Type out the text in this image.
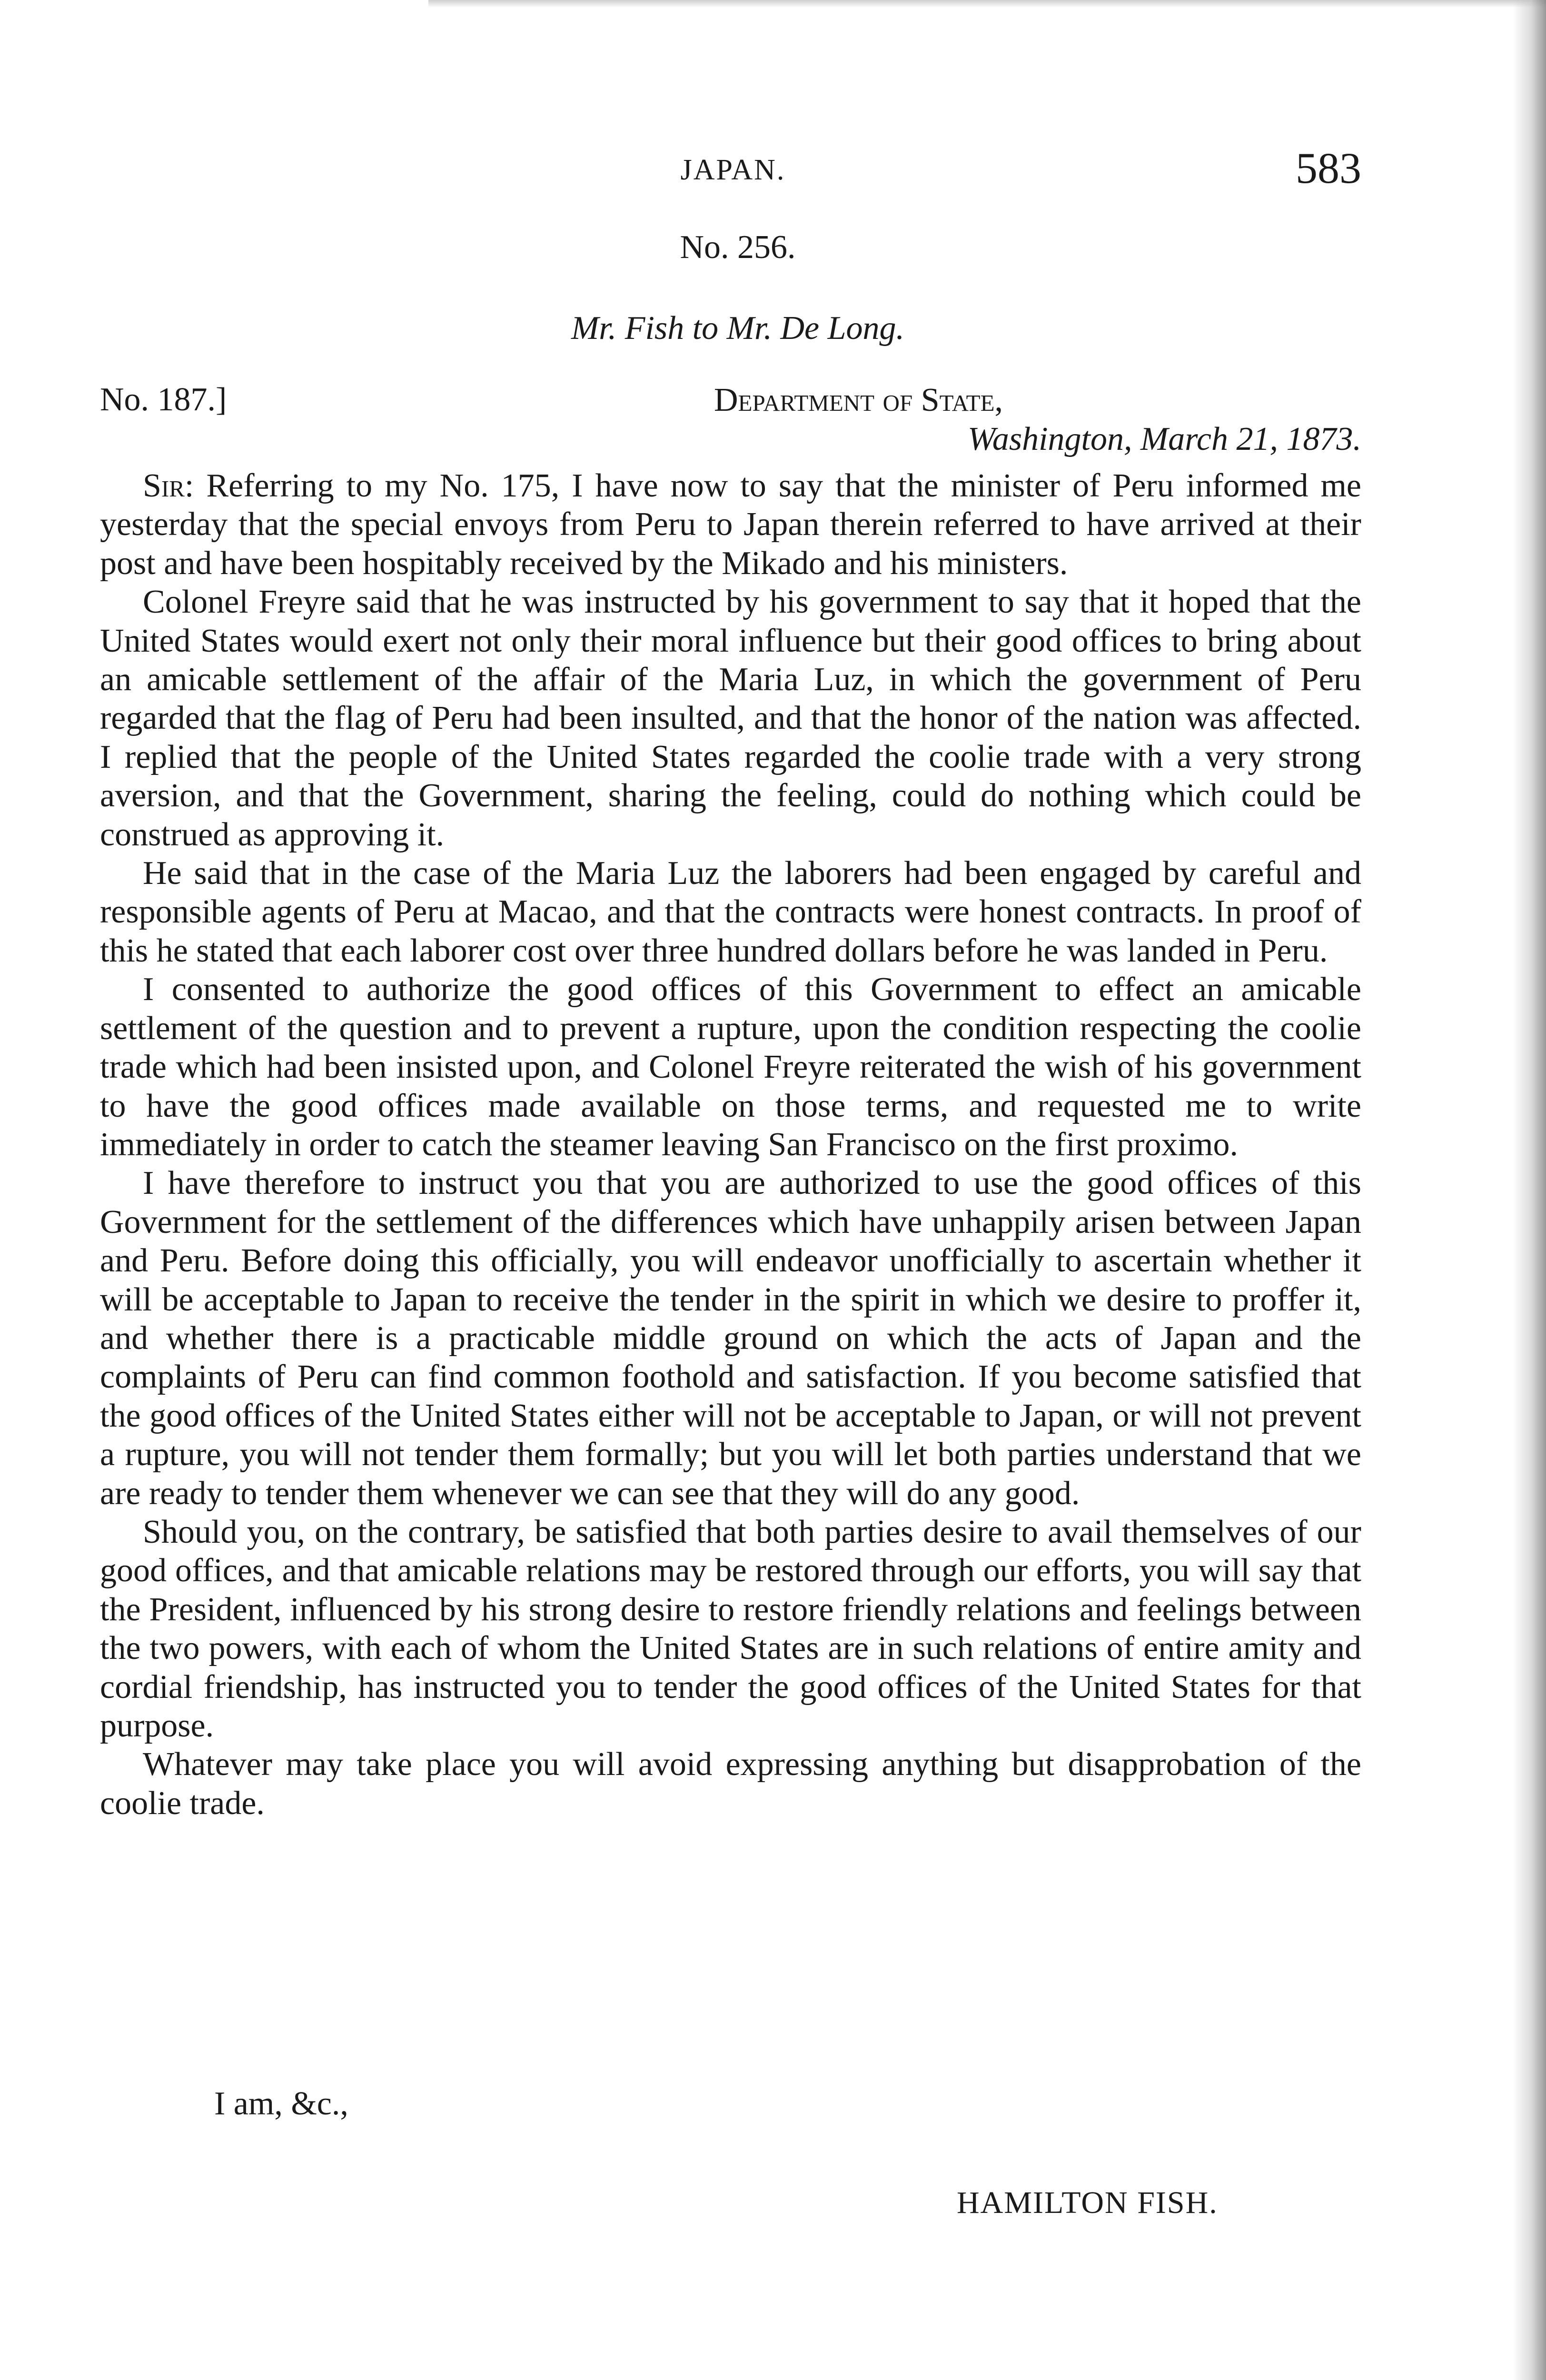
JAPAN.	583
No. 256.
Mr. Fish to Mr. De Long.
No. 187.]	Department of State,
Washington, March 21, 1873.

Sir: Referring to my No. 175, I have now to say that the minister of Peru informed me yesterday that the special envoys from Peru to Japan therein referred to have arrived at their post and have been hospitably received by the Mikado and his ministers.

Colonel Freyre said that he was instructed by his government to say that it hoped that the United States would exert not only their moral influence but their good offices to bring about an amicable settlement of the affair of the Maria Luz, in which the government of Peru regarded that the flag of Peru had been insulted, and that the honor of the nation was affected. I replied that the people of the United States regarded the coolie trade with a very strong aversion, and that the Government, sharing the feeling, could do nothing which could be construed as approving it.

He said that in the case of the Maria Luz the laborers had been engaged by careful and responsible agents of Peru at Macao, and that the contracts were honest contracts. In proof of this he stated that each laborer cost over three hundred dollars before he was landed in Peru.

I consented to authorize the good offices of this Government to effect an amicable settlement of the question and to prevent a rupture, upon the condition respecting the coolie trade which had been insisted upon, and Colonel Freyre reiterated the wish of his government to have the good offices made available on those terms, and requested me to write immediately in order to catch the steamer leaving San Francisco on the first proximo.

I have therefore to instruct you that you are authorized to use the good offices of this Government for the settlement of the differences which have unhappily arisen between Japan and Peru. Before doing this officially, you will endeavor unofficially to ascertain whether it will be acceptable to Japan to receive the tender in the spirit in which we desire to proffer it, and whether there is a practicable middle ground on which the acts of Japan and the complaints of Peru can find common foothold and satisfaction. If you become satisfied that the good offices of the United States either will not be acceptable to Japan, or will not prevent a rupture, you will not tender them formally; but you will let both parties understand that we are ready to tender them whenever we can see that they will do any good.

Should you, on the contrary, be satisfied that both parties desire to avail themselves of our good offices, and that amicable relations may be restored through our efforts, you will say that the President, influenced by his strong desire to restore friendly relations and feelings between the two powers, with each of whom the United States are in such relations of entire amity and cordial friendship, has instructed you to tender the good offices of the United States for that purpose.

Whatever may take place you will avoid expressing anything but disapprobation of the coolie trade.

I am, &c.,
HAMILTON FISH.
